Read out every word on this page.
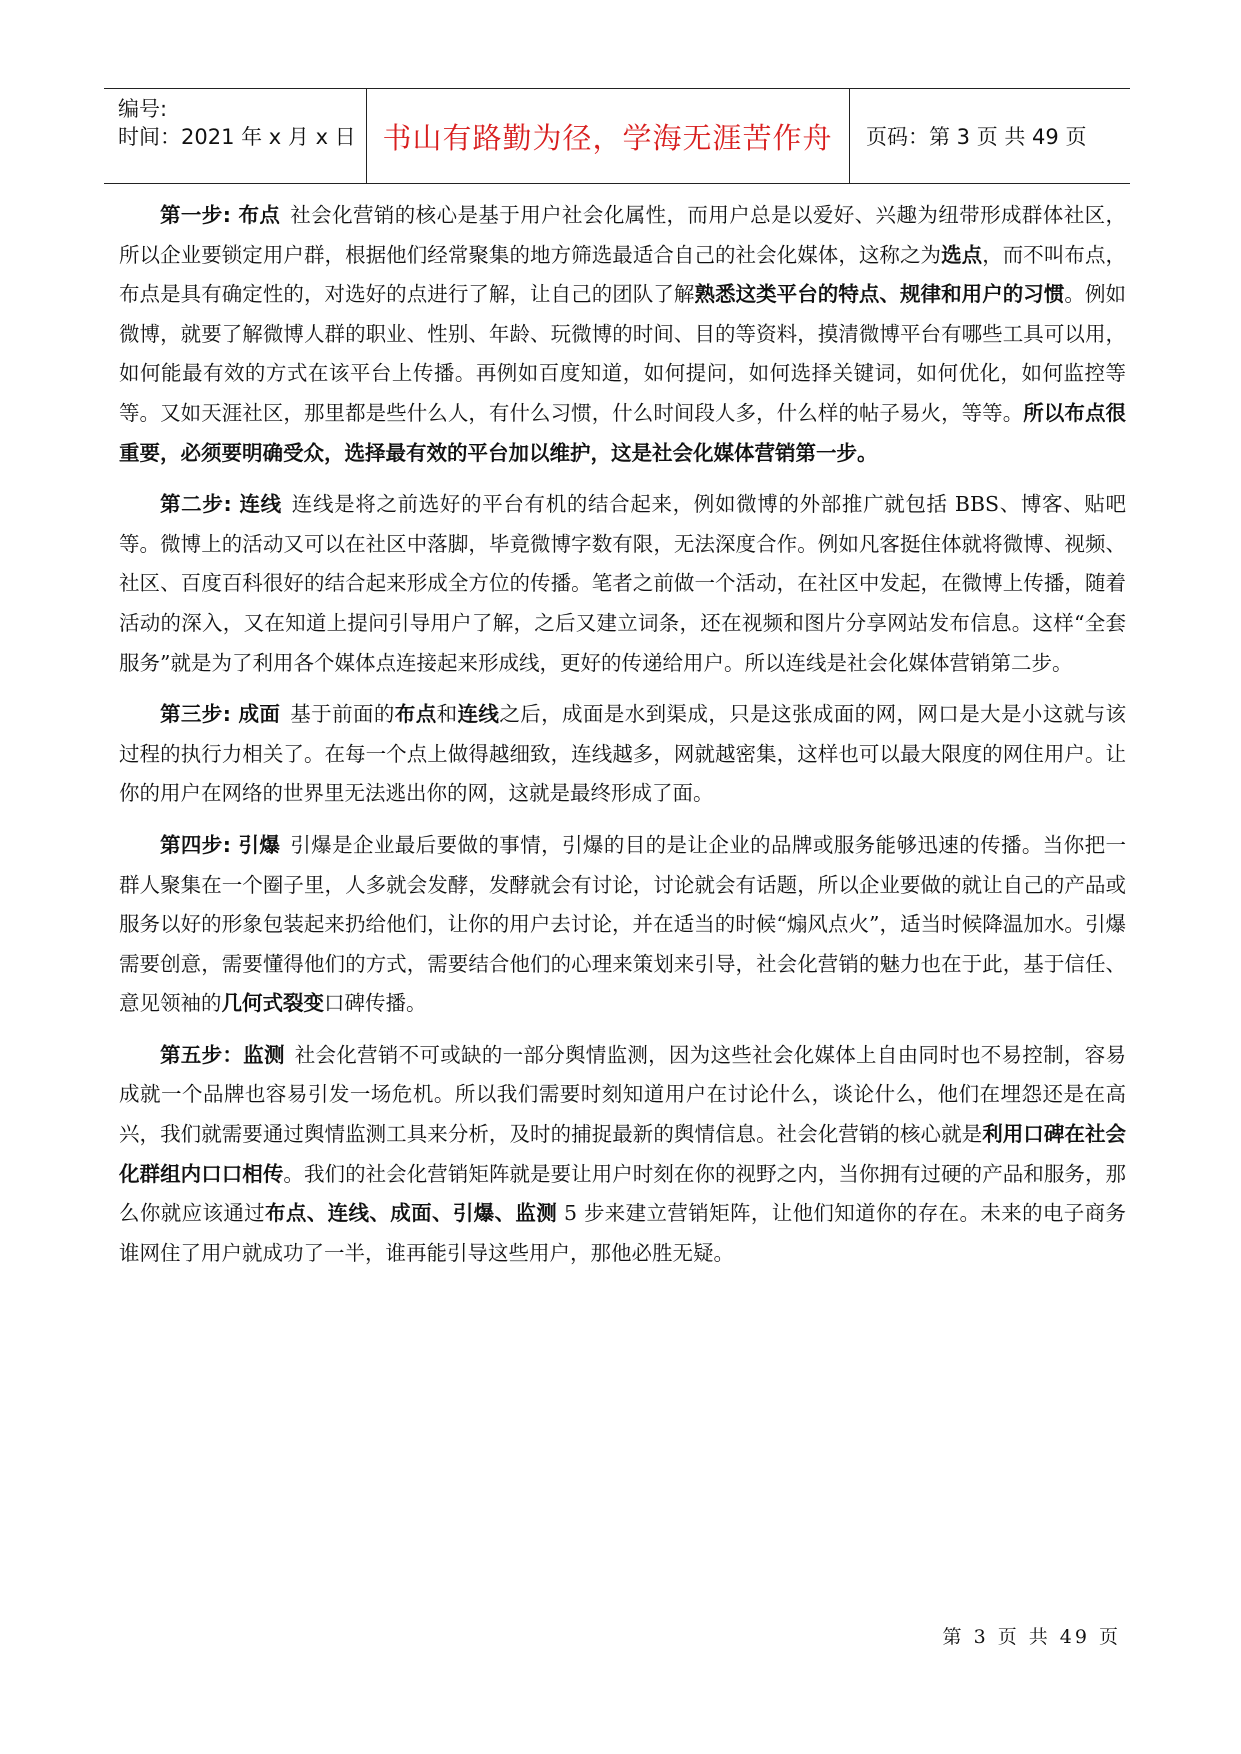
编号:
时间：2021 年 x 月 x 日 书山有路勤为径，学海无涯苦作舟 页码：第 3 页 共 49 页

第一步: 布点 社会化营销的核心是基于用户社会化属性，而用户总是以爱好、兴趣为纽带形成群体社区，所以企业要锁定用户群，根据他们经常聚集的地方筛选最适合自己的社会化媒体，这称之为选点，而不叫布点，布点是具有确定性的，对选好的点进行了解，让自己的团队了解熟悉这类平台的特点、规律和用户的习惯。例如微博，就要了解微博人群的职业、性别、年龄、玩微博的时间、目的等资料，摸清微博平台有哪些工具可以用，如何能最有效的方式在该平台上传播。再例如百度知道，如何提问，如何选择关键词，如何优化，如何监控等等。又如天涯社区，那里都是些什么人，有什么习惯，什么时间段人多，什么样的帖子易火，等等。所以布点很重要，必须要明确受众，选择最有效的平台加以维护，这是社会化媒体营销第一步。

第二步: 连线 连线是将之前选好的平台有机的结合起来，例如微博的外部推广就包括 BBS、博客、贴吧等。微博上的活动又可以在社区中落脚，毕竟微博字数有限，无法深度合作。例如凡客挺住体就将微博、视频、社区、百度百科很好的结合起来形成全方位的传播。笔者之前做一个活动，在社区中发起，在微博上传播，随着活动的深入，又在知道上提问引导用户了解，之后又建立词条，还在视频和图片分享网站发布信息。这样“全套服务”就是为了利用各个媒体点连接起来形成线，更好的传递给用户。所以连线是社会化媒体营销第二步。

第三步: 成面 基于前面的布点和连线之后，成面是水到渠成，只是这张成面的网，网口是大是小这就与该过程的执行力相关了。在每一个点上做得越细致，连线越多，网就越密集，这样也可以最大限度的网住用户。让你的用户在网络的世界里无法逃出你的网，这就是最终形成了面。

第四步: 引爆 引爆是企业最后要做的事情，引爆的目的是让企业的品牌或服务能够迅速的传播。当你把一群人聚集在一个圈子里，人多就会发酵，发酵就会有讨论，讨论就会有话题，所以企业要做的就让自己的产品或服务以好的形象包装起来扔给他们，让你的用户去讨论，并在适当的时候“煽风点火”，适当时候降温加水。引爆需要创意，需要懂得他们的方式，需要结合他们的心理来策划来引导，社会化营销的魅力也在于此，基于信任、意见领袖的几何式裂变口碑传播。

第五步：监测 社会化营销不可或缺的一部分舆情监测，因为这些社会化媒体上自由同时也不易控制，容易成就一个品牌也容易引发一场危机。所以我们需要时刻知道用户在讨论什么，谈论什么，他们在埋怨还是在高兴，我们就需要通过舆情监测工具来分析，及时的捕捉最新的舆情信息。社会化营销的核心就是利用口碑在社会化群组内口口相传。我们的社会化营销矩阵就是要让用户时刻在你的视野之内，当你拥有过硬的产品和服务，那么你就应该通过布点、连线、成面、引爆、监测 5 步来建立营销矩阵，让他们知道你的存在。未来的电子商务谁网住了用户就成功了一半，谁再能引导这些用户，那他必胜无疑。

第 3 页 共 49 页
